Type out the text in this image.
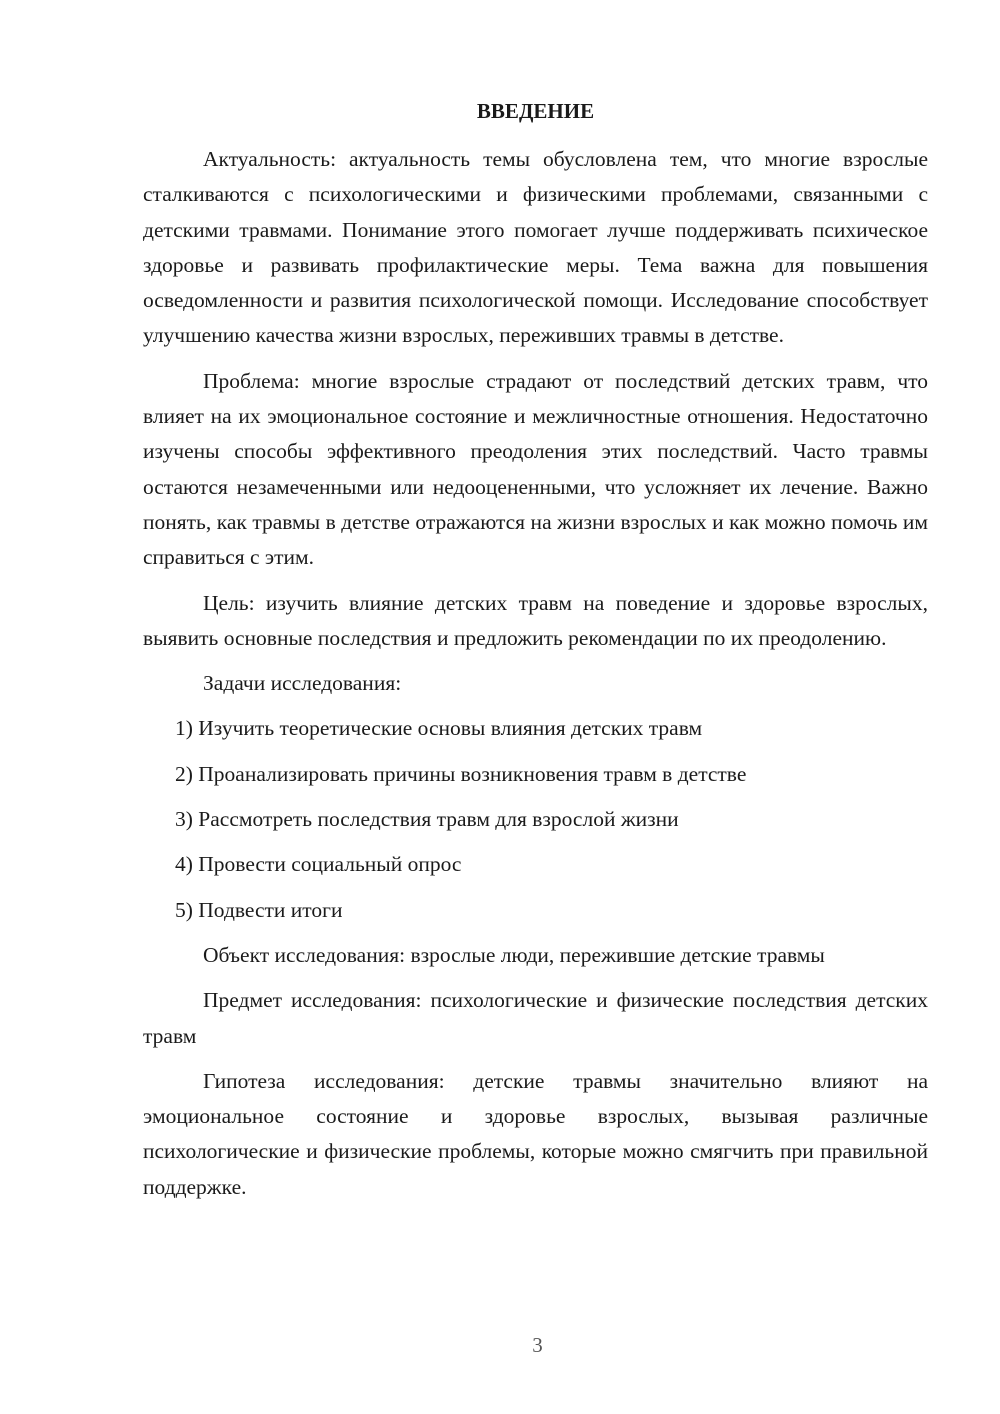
ВВЕДЕНИЕ

Актуальность: актуальность темы обусловлена тем, что многие взрослые сталкиваются с психологическими и физическими проблемами, связанными с детскими травмами. Понимание этого помогает лучше поддерживать психическое здоровье и развивать профилактические меры. Тема важна для повышения осведомленности и развития психологической помощи. Исследование способствует улучшению качества жизни взрослых, переживших травмы в детстве.

Проблема: многие взрослые страдают от последствий детских травм, что влияет на их эмоциональное состояние и межличностные отношения. Недостаточно изучены способы эффективного преодоления этих последствий. Часто травмы остаются незамеченными или недооцененными, что усложняет их лечение. Важно понять, как травмы в детстве отражаются на жизни взрослых и как можно помочь им справиться с этим.

Цель: изучить влияние детских травм на поведение и здоровье взрослых, выявить основные последствия и предложить рекомендации по их преодолению.

Задачи исследования:

1) Изучить теоретические основы влияния детских травм
2) Проанализировать причины возникновения травм в детстве
3) Рассмотреть последствия травм для взрослой жизни
4) Провести социальный опрос
5) Подвести итоги

Объект исследования: взрослые люди, пережившие детские травмы

Предмет исследования: психологические и физические последствия детских травм

Гипотеза исследования: детские травмы значительно влияют на эмоциональное состояние и здоровье взрослых, вызывая различные психологические и физические проблемы, которые можно смягчить при правильной поддержке.

3
